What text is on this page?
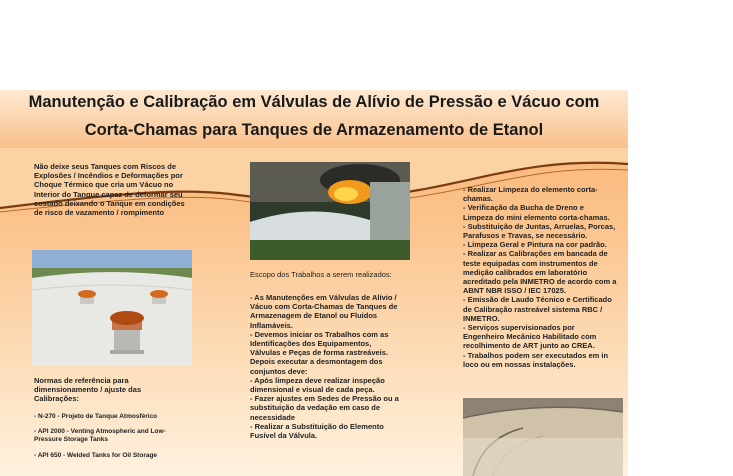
Manutenção e Calibração em Válvulas de Alívio de Pressão e Vácuo com
Corta-Chamas para Tanques de Armazenamento de Etanol
Não deixe seus Tanques com Riscos de
Explosões / Incêndios e Deformações por
Choque Térmico que cria um Vácuo no
Interior do Tanque capaz de deformar seu
costado deixando o Tanque em condições
de risco de vazamento / rompimento
Normas de referência para
dimensionamento / ajuste das
Calibrações:
- N-270 - Projeto de Tanque Atmosférico
- API 2000 - Venting Atmospheric and Low-
Pressure Storage Tanks
- API 650 - Welded Tanks for Oil Storage
Escopo dos Trabalhos a serem realizados:
- As Manutenções em Válvulas de Alívio /
Vácuo com Corta-Chamas de Tanques de
Armazenagem de Etanol ou Fluidos
Inflamáveis.
- Devemos iniciar os Trabalhos com as
Identificações dos Equipamentos,
Válvulas e Peças de forma rastreáveis.
Depois executar a desmontagem dos
conjuntos deve:
- Após limpeza deve realizar inspeção
dimensional e visual de cada peça.
- Fazer ajustes em Sedes de Pressão ou a
substituição da vedação em caso de
necessidade
- Realizar a Substituição do Elemento
Fusível da Válvula.
- Realizar Limpeza do elemento corta-
chamas.
- Verificação da Bucha de Dreno e
Limpeza do mini elemento corta-chamas.
- Substituição de Juntas, Arruelas, Porcas,
Parafusos e Travas, se necessário.
- Limpeza Geral e Pintura na cor padrão.
- Realizar as Calibrações em bancada de
teste equipadas com instrumentos de
medição calibrados em laboratório
acreditado pela INMETRO de acordo com a
ABNT NBR ISSO / IEC 17025.
- Emissão de Laudo Técnico e Certificado
de Calibração rastreável sistema RBC /
INMETRO.
- Serviços supervisionados por
Engenheiro Mecânico Habilitado com
recolhimento de ART junto ao CREA.
- Trabalhos podem ser executados em in
loco ou em nossas instalações.
